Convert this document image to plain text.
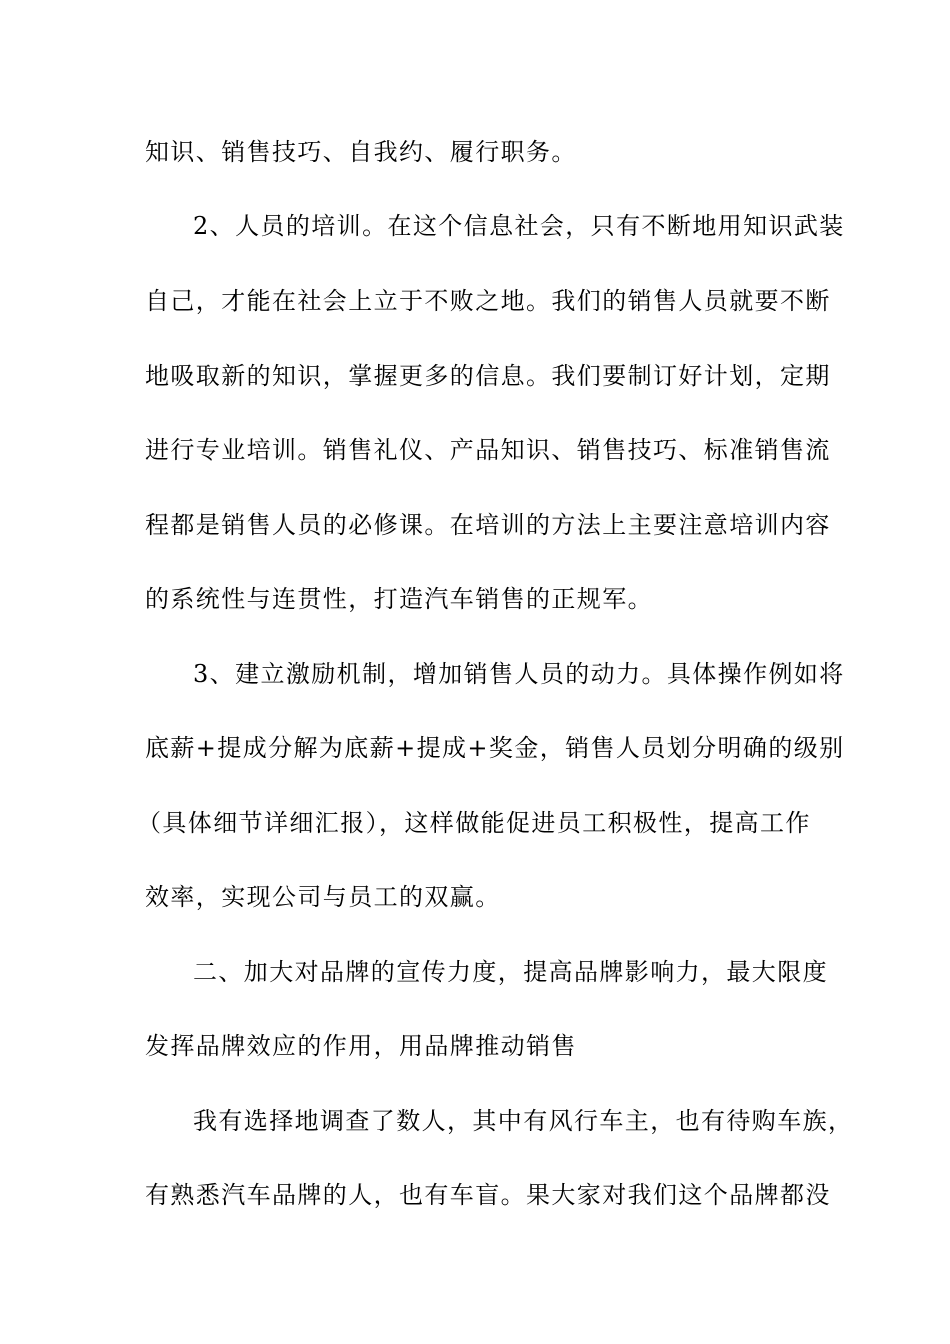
知识、销售技巧、自我约、履行职务。
2、人员的培训。在这个信息社会，只有不断地用知识武装
自己，才能在社会上立于不败之地。我们的销售人员就要不断
地吸取新的知识，掌握更多的信息。我们要制订好计划，定期
进行专业培训。销售礼仪、产品知识、销售技巧、标准销售流
程都是销售人员的必修课。在培训的方法上主要注意培训内容
的系统性与连贯性，打造汽车销售的正规军。
3、建立激励机制，增加销售人员的动力。具体操作例如将
底薪+提成分解为底薪+提成+奖金，销售人员划分明确的级别
（具体细节详细汇报），这样做能促进员工积极性，提高工作
效率，实现公司与员工的双赢。
二、加大对品牌的宣传力度，提高品牌影响力，最大限度
发挥品牌效应的作用，用品牌推动销售
我有选择地调查了数人，其中有风行车主，也有待购车族，
有熟悉汽车品牌的人，也有车盲。果大家对我们这个品牌都没
